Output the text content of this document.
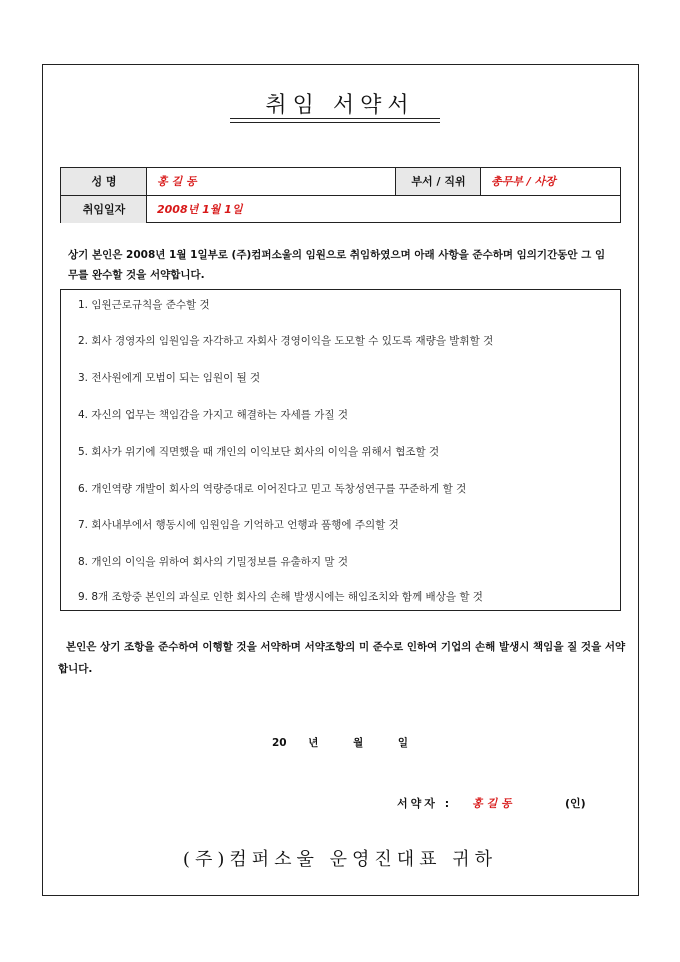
취임 서약서
성 명	홍 길 동	부서 / 직위	총무부 / 사장
취임일자	2008년 1월 1일
상기 본인은 2008년 1월 1일부로 (주)컴퍼소울의 임원으로 취임하였으며 아래 사항을 준수하며 임의기간동안 그 임무를 완수할 것을 서약합니다.
1. 임원근로규칙을 준수할 것
2. 회사 경영자의 임원임을 자각하고 자회사 경영이익을 도모할 수 있도록 재량을 발휘할 것
3. 전사원에게 모범이 되는 임원이 될 것
4. 자신의 업무는 책임감을 가지고 해결하는 자세를 가질 것
5. 회사가 위기에 직면했을 때 개인의 이익보단 회사의 이익을 위해서 협조할 것
6. 개인역량 개발이 회사의 역량증대로 이어진다고 믿고 독창성연구를 꾸준하게 할 것
7. 회사내부에서 행동시에 임원임을 기억하고 언행과 품행에 주의할 것
8. 개인의 이익을 위하여 회사의 기밀정보를 유출하지 말 것
9. 8개 조항중 본인의 과실로 인한 회사의 손해 발생시에는 해임조치와 함께 배상을 할 것
본인은 상기 조항을 준수하여 이행할 것을 서약하며 서약조항의 미 준수로 인하여 기업의 손해 발생시 책임을 질 것을 서약합니다.
20 년	월	일
서약자 : 홍 길 동	(인)
(주)컴퍼소울 운영진대표 귀하
